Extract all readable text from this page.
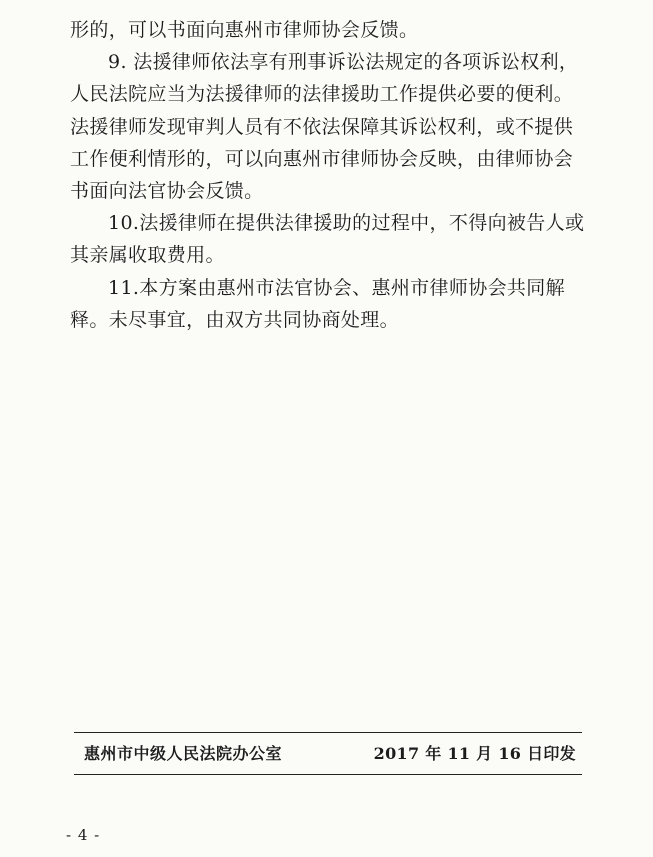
形的，可以书面向惠州市律师协会反馈。

9. 法援律师依法享有刑事诉讼法规定的各项诉讼权利，人民法院应当为法援律师的法律援助工作提供必要的便利。法援律师发现审判人员有不依法保障其诉讼权利，或不提供工作便利情形的，可以向惠州市律师协会反映，由律师协会书面向法官协会反馈。

10.法援律师在提供法律援助的过程中，不得向被告人或其亲属收取费用。

11.本方案由惠州市法官协会、惠州市律师协会共同解释。未尽事宜，由双方共同协商处理。

惠州市中级人民法院办公室	2017 年 11 月 16 日印发
- 4 -
